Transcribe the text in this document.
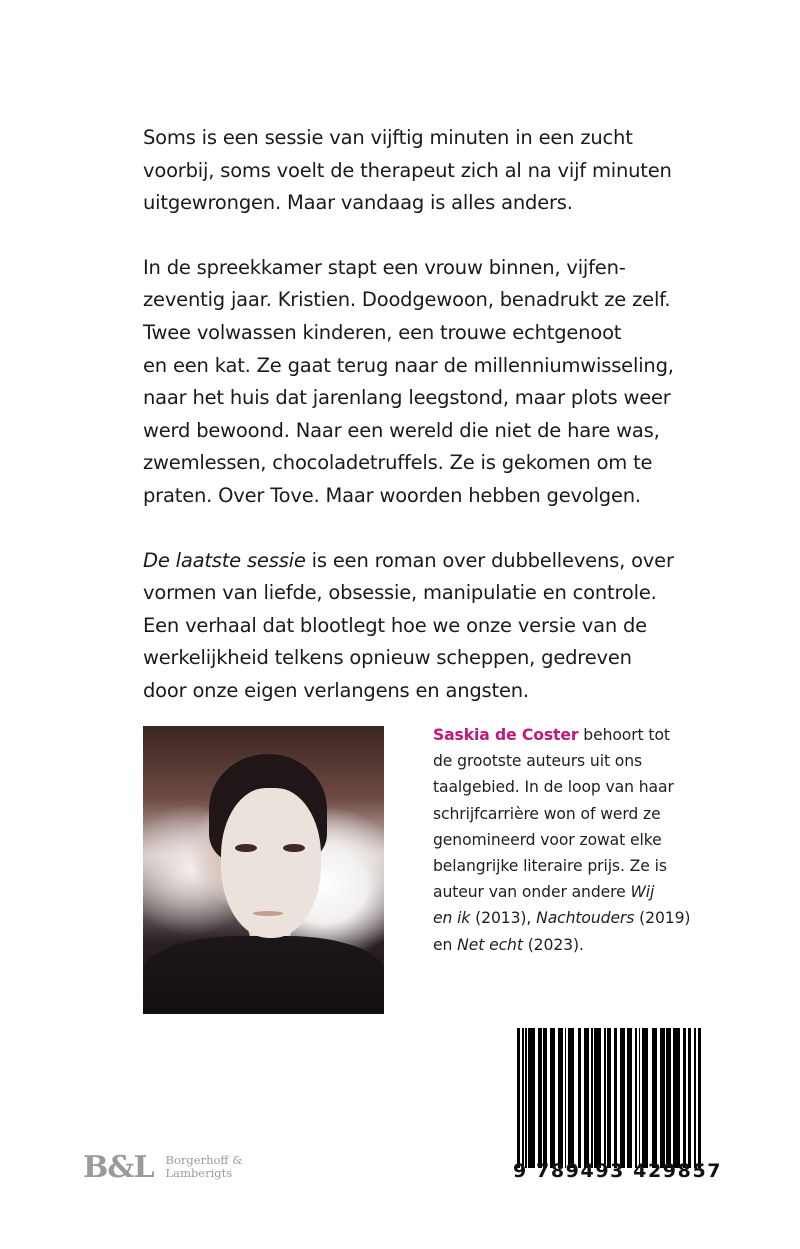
Soms is een sessie van vijftig minuten in een zucht
voorbij, soms voelt de therapeut zich al na vijf minuten
uitgewrongen. Maar vandaag is alles anders.

In de spreekkamer stapt een vrouw binnen, vijfen-
zeventig jaar. Kristien. Doodgewoon, benadrukt ze zelf.
Twee volwassen kinderen, een trouwe echtgenoot
en een kat. Ze gaat terug naar de millenniumwisseling,
naar het huis dat jarenlang leegstond, maar plots weer
werd bewoond. Naar een wereld die niet de hare was,
zwemlessen, chocoladetruffels. Ze is gekomen om te
praten. Over Tove. Maar woorden hebben gevolgen.

De laatste sessie is een roman over dubbellevens, over
vormen van liefde, obsessie, manipulatie en controle.
Een verhaal dat blootlegt hoe we onze versie van de
werkelijkheid telkens opnieuw scheppen, gedreven
door onze eigen verlangens en angsten.

Saskia de Coster behoort tot
de grootste auteurs uit ons
taalgebied. In de loop van haar
schrijfcarrière won of werd ze
genomineerd voor zowat elke
belangrijke literaire prijs. Ze is
auteur van onder andere Wij
en ik (2013), Nachtouders (2019)
en Net echt (2023).
B&L Borgerhoff &
Lamberigts	9 789493 429857
